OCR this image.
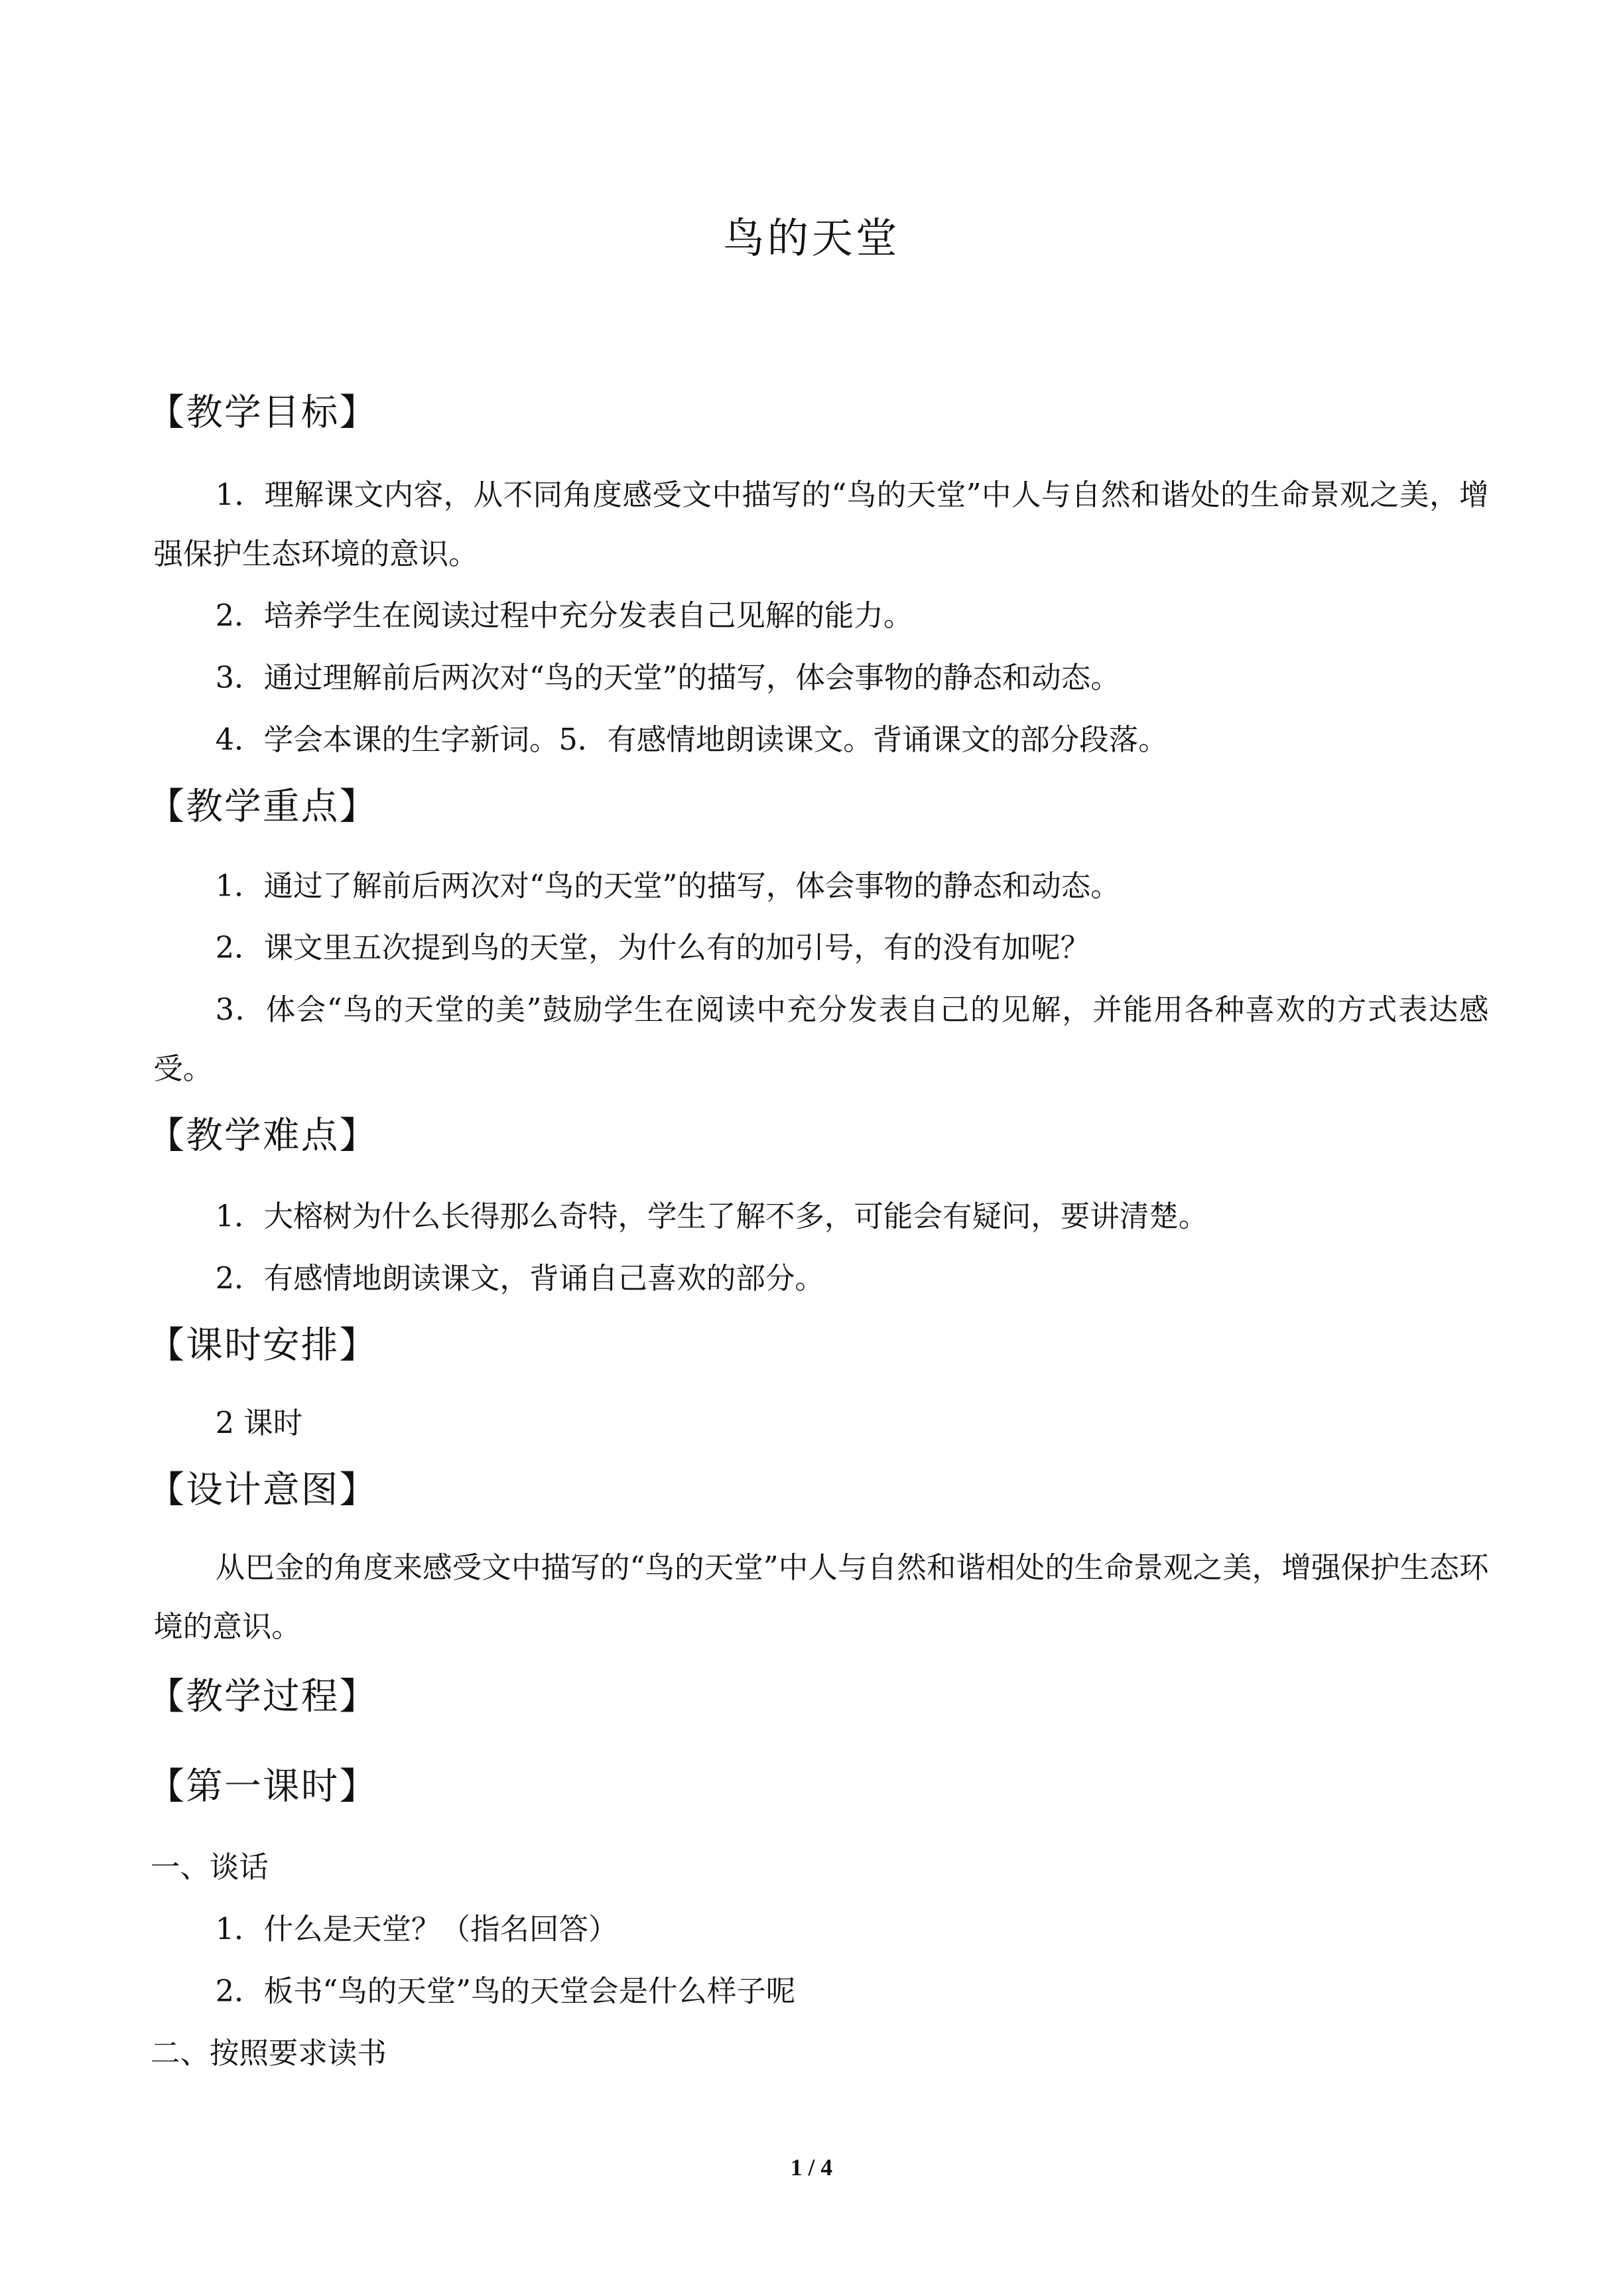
鸟的天堂
【教学目标】
1．理解课文内容，从不同角度感受文中描写的“鸟的天堂”中人与自然和谐处的生命景观之美，增强保护生态环境的意识。
2．培养学生在阅读过程中充分发表自己见解的能力。
3．通过理解前后两次对“鸟的天堂”的描写，体会事物的静态和动态。
4．学会本课的生字新词。5．有感情地朗读课文。背诵课文的部分段落。
【教学重点】
1．通过了解前后两次对“鸟的天堂”的描写，体会事物的静态和动态。
2．课文里五次提到鸟的天堂，为什么有的加引号，有的没有加呢？
3．体会“鸟的天堂的美”鼓励学生在阅读中充分发表自己的见解，并能用各种喜欢的方式表达感受。
【教学难点】
1．大榕树为什么长得那么奇特，学生了解不多，可能会有疑问，要讲清楚。
2．有感情地朗读课文，背诵自己喜欢的部分。
【课时安排】
2 课时
【设计意图】
从巴金的角度来感受文中描写的“鸟的天堂”中人与自然和谐相处的生命景观之美，增强保护生态环境的意识。
【教学过程】
【第一课时】
一、谈话
1．什么是天堂？（指名回答）
2．板书“鸟的天堂”鸟的天堂会是什么样子呢
二、按照要求读书
1 / 4
